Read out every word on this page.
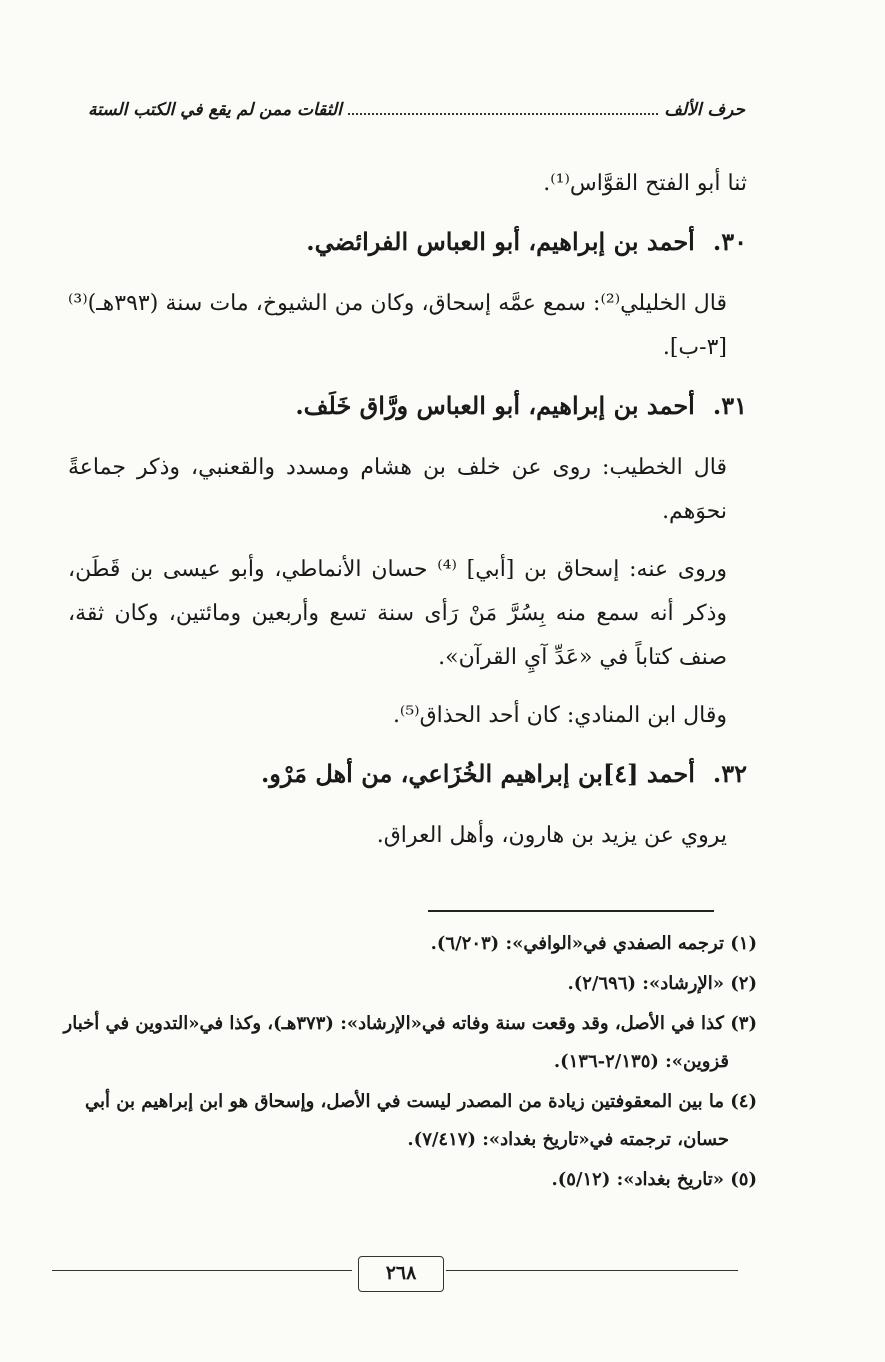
حرف الألف
الثقات ممن لم يقع في الكتب الستة

ثنا أبو الفتح القوَّاس⁽¹⁾.

٣٠.أحمد بن إبراهيم، أبو العباس الفرائضي.

قال الخليلي⁽²⁾: سمع عمَّه إسحاق، وكان من الشيوخ، مات سنة (٣٩٣هـ)⁽³⁾ [٣-ب].

٣١.أحمد بن إبراهيم، أبو العباس ورَّاق خَلَف.

قال الخطيب: روى عن خلف بن هشام ومسدد والقعنبي، وذكر جماعةً نحوَهم.

وروى عنه: إسحاق بن [أبي] ⁽⁴⁾ حسان الأنماطي، وأبو عيسى بن قَطَن، وذكر أنه سمع منه بِسُرَّ مَنْ رَأى سنة تسع وأربعين ومائتين، وكان ثقة، صنف كتاباً في «عَدِّ آيِ القرآن».

وقال ابن المنادي: كان أحد الحذاق⁽⁵⁾.

٣٢.أحمد [٤]بن إبراهيم الخُزَاعي، من أهل مَرْو.

يروي عن يزيد بن هارون، وأهل العراق.

(١) ترجمه الصفدي في«الوافي»: (٦/٢٠٣).

(٢) «الإرشاد»: (٢/٦٩٦).

(٣) كذا في الأصل، وقد وقعت سنة وفاته في«الإرشاد»: (٣٧٣هـ)، وكذا في«التدوين في أخبار
قزوين»: (٢/١٣٥-١٣٦).

(٤) ما بين المعقوفتين زيادة من المصدر ليست في الأصل، وإسحاق هو ابن إبراهيم بن أبي
حسان، ترجمته في«تاريخ بغداد»: (٧/٤١٧).

(٥) «تاريخ بغداد»: (٥/١٢).

٢٦٨
